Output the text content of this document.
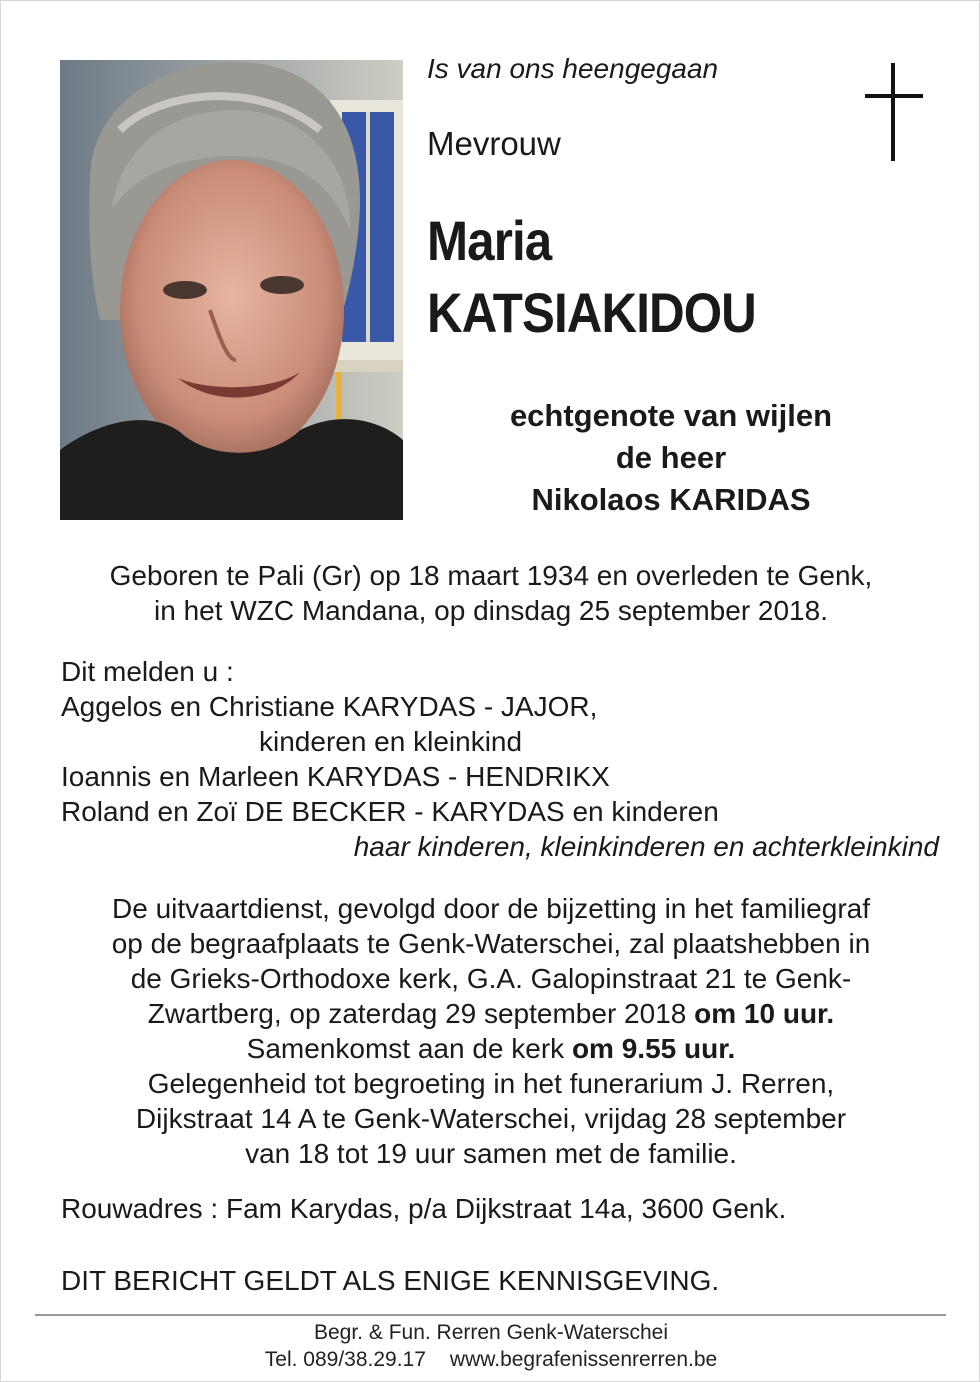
Is van ons heengegaan
Mevrouw
Maria
KATSIAKIDOU
echtgenote van wijlen
de heer
Nikolaos KARIDAS
Geboren te Pali (Gr) op 18 maart 1934 en overleden te Genk,
in het WZC Mandana, op dinsdag 25 september 2018.
Dit melden u :
Aggelos en Christiane KARYDAS - JAJOR,
kinderen en kleinkind
Ioannis en Marleen KARYDAS - HENDRIKX
Roland en Zoï DE BECKER - KARYDAS en kinderen
haar kinderen, kleinkinderen en achterkleinkind
De uitvaartdienst, gevolgd door de bijzetting in het familiegraf
op de begraafplaats te Genk-Waterschei, zal plaatshebben in
de Grieks-Orthodoxe kerk, G.A. Galopinstraat 21 te Genk-
Zwartberg, op zaterdag 29 september 2018 om 10 uur.
Samenkomst aan de kerk om 9.55 uur.
Gelegenheid tot begroeting in het funerarium J. Rerren,
Dijkstraat 14 A te Genk-Waterschei, vrijdag 28 september
van 18 tot 19 uur samen met de familie.
Rouwadres : Fam Karydas, p/a Dijkstraat 14a, 3600 Genk.
DIT BERICHT GELDT ALS ENIGE KENNISGEVING.
Begr. & Fun. Rerren Genk-Waterschei
Tel. 089/38.29.17 www.begrafenissenrerren.be
